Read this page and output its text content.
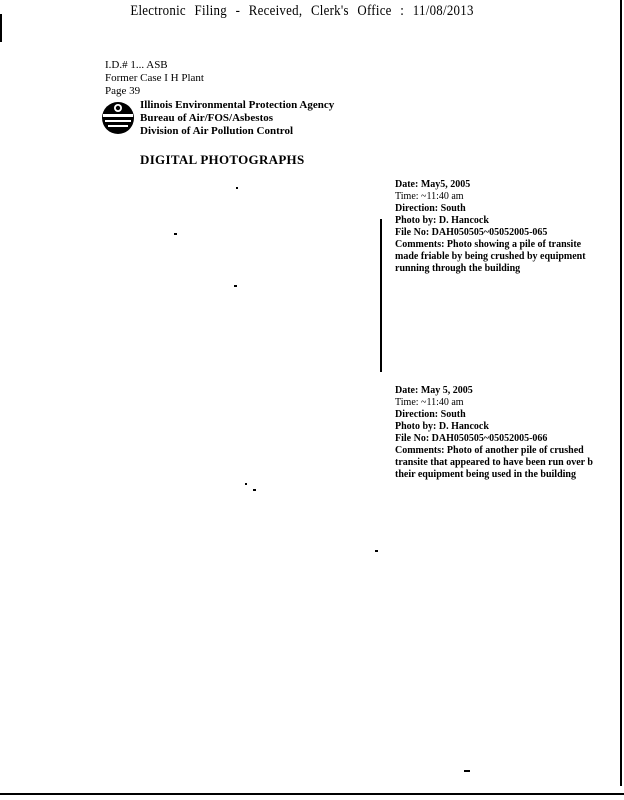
Electronic Filing - Received, Clerk's Office : 11/08/2013
I.D.# 1... ASB
Former Case I H Plant
Page 39
Illinois Environmental Protection Agency
Bureau of Air/FOS/Asbestos
Division of Air Pollution Control
DIGITAL PHOTOGRAPHS
Date: May5, 2005
Time: ~11:40 am
Direction: South
Photo by: D. Hancock
File No: DAH050505~05052005-065
Comments: Photo showing a pile of transite
made friable by being crushed by equipment
running through the building
Date: May 5, 2005
Time: ~11:40 am
Direction: South
Photo by: D. Hancock
File No: DAH050505~05052005-066
Comments: Photo of another pile of crushed
transite that appeared to have been run over b
their equipment being used in the building
